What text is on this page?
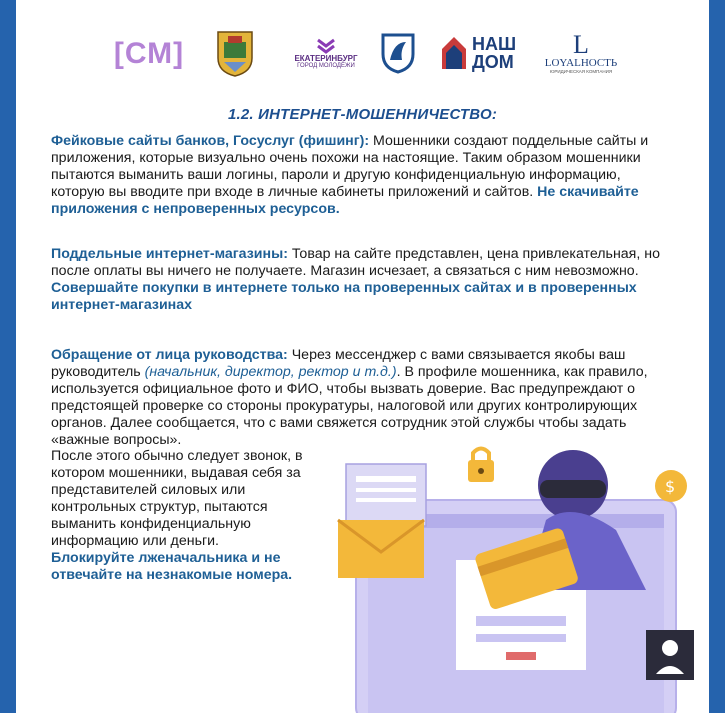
[СМ]	ЕКАТЕРИНБУРГ
ГОРОД МОЛОДЁЖИ
НАШ
ДОМ
L
LOYALНОСТЬ
ЮРИДИЧЕСКАЯ КОМПАНИЯ
1.2. ИНТЕРНЕТ-МОШЕННИЧЕСТВО:
Фейковые сайты банков, Госуслуг (фишинг): Мошенники создают поддельные сайты и приложения, которые визуально очень похожи на настоящие. Таким образом мошенники пытаются выманить ваши логины, пароли и другую конфиденциальную информацию, которую вы вводите при входе в личные кабинеты приложений и сайтов. Не скачивайте приложения с непроверенных ресурсов.
Поддельные интернет-магазины: Товар на сайте представлен, цена привлекательная, но после оплаты вы ничего не получаете. Магазин исчезает, а связаться с ним невозможно. Совершайте покупки в интернете только на проверенных сайтах и в проверенных интернет-магазинах
Обращение от лица руководства: Через мессенджер с вами связывается якобы ваш руководитель (начальник, директор, ректор и т.д.). В профиле мошенника, как правило, используется официальное фото и ФИО, чтобы вызвать доверие. Вас предупреждают о предстоящей проверке со стороны прокуратуры, налоговой или других контролирующих органов. Далее сообщается, что с вами свяжется сотрудник этой службы чтобы задать «важные вопросы».
После этого обычно следует звонок, в котором мошенники, выдавая себя за представителей силовых или контрольных структур, пытаются выманить конфиденциальную информацию или деньги.
Блокируйте лженачальника и не отвечайте на незнакомые номера.
$
